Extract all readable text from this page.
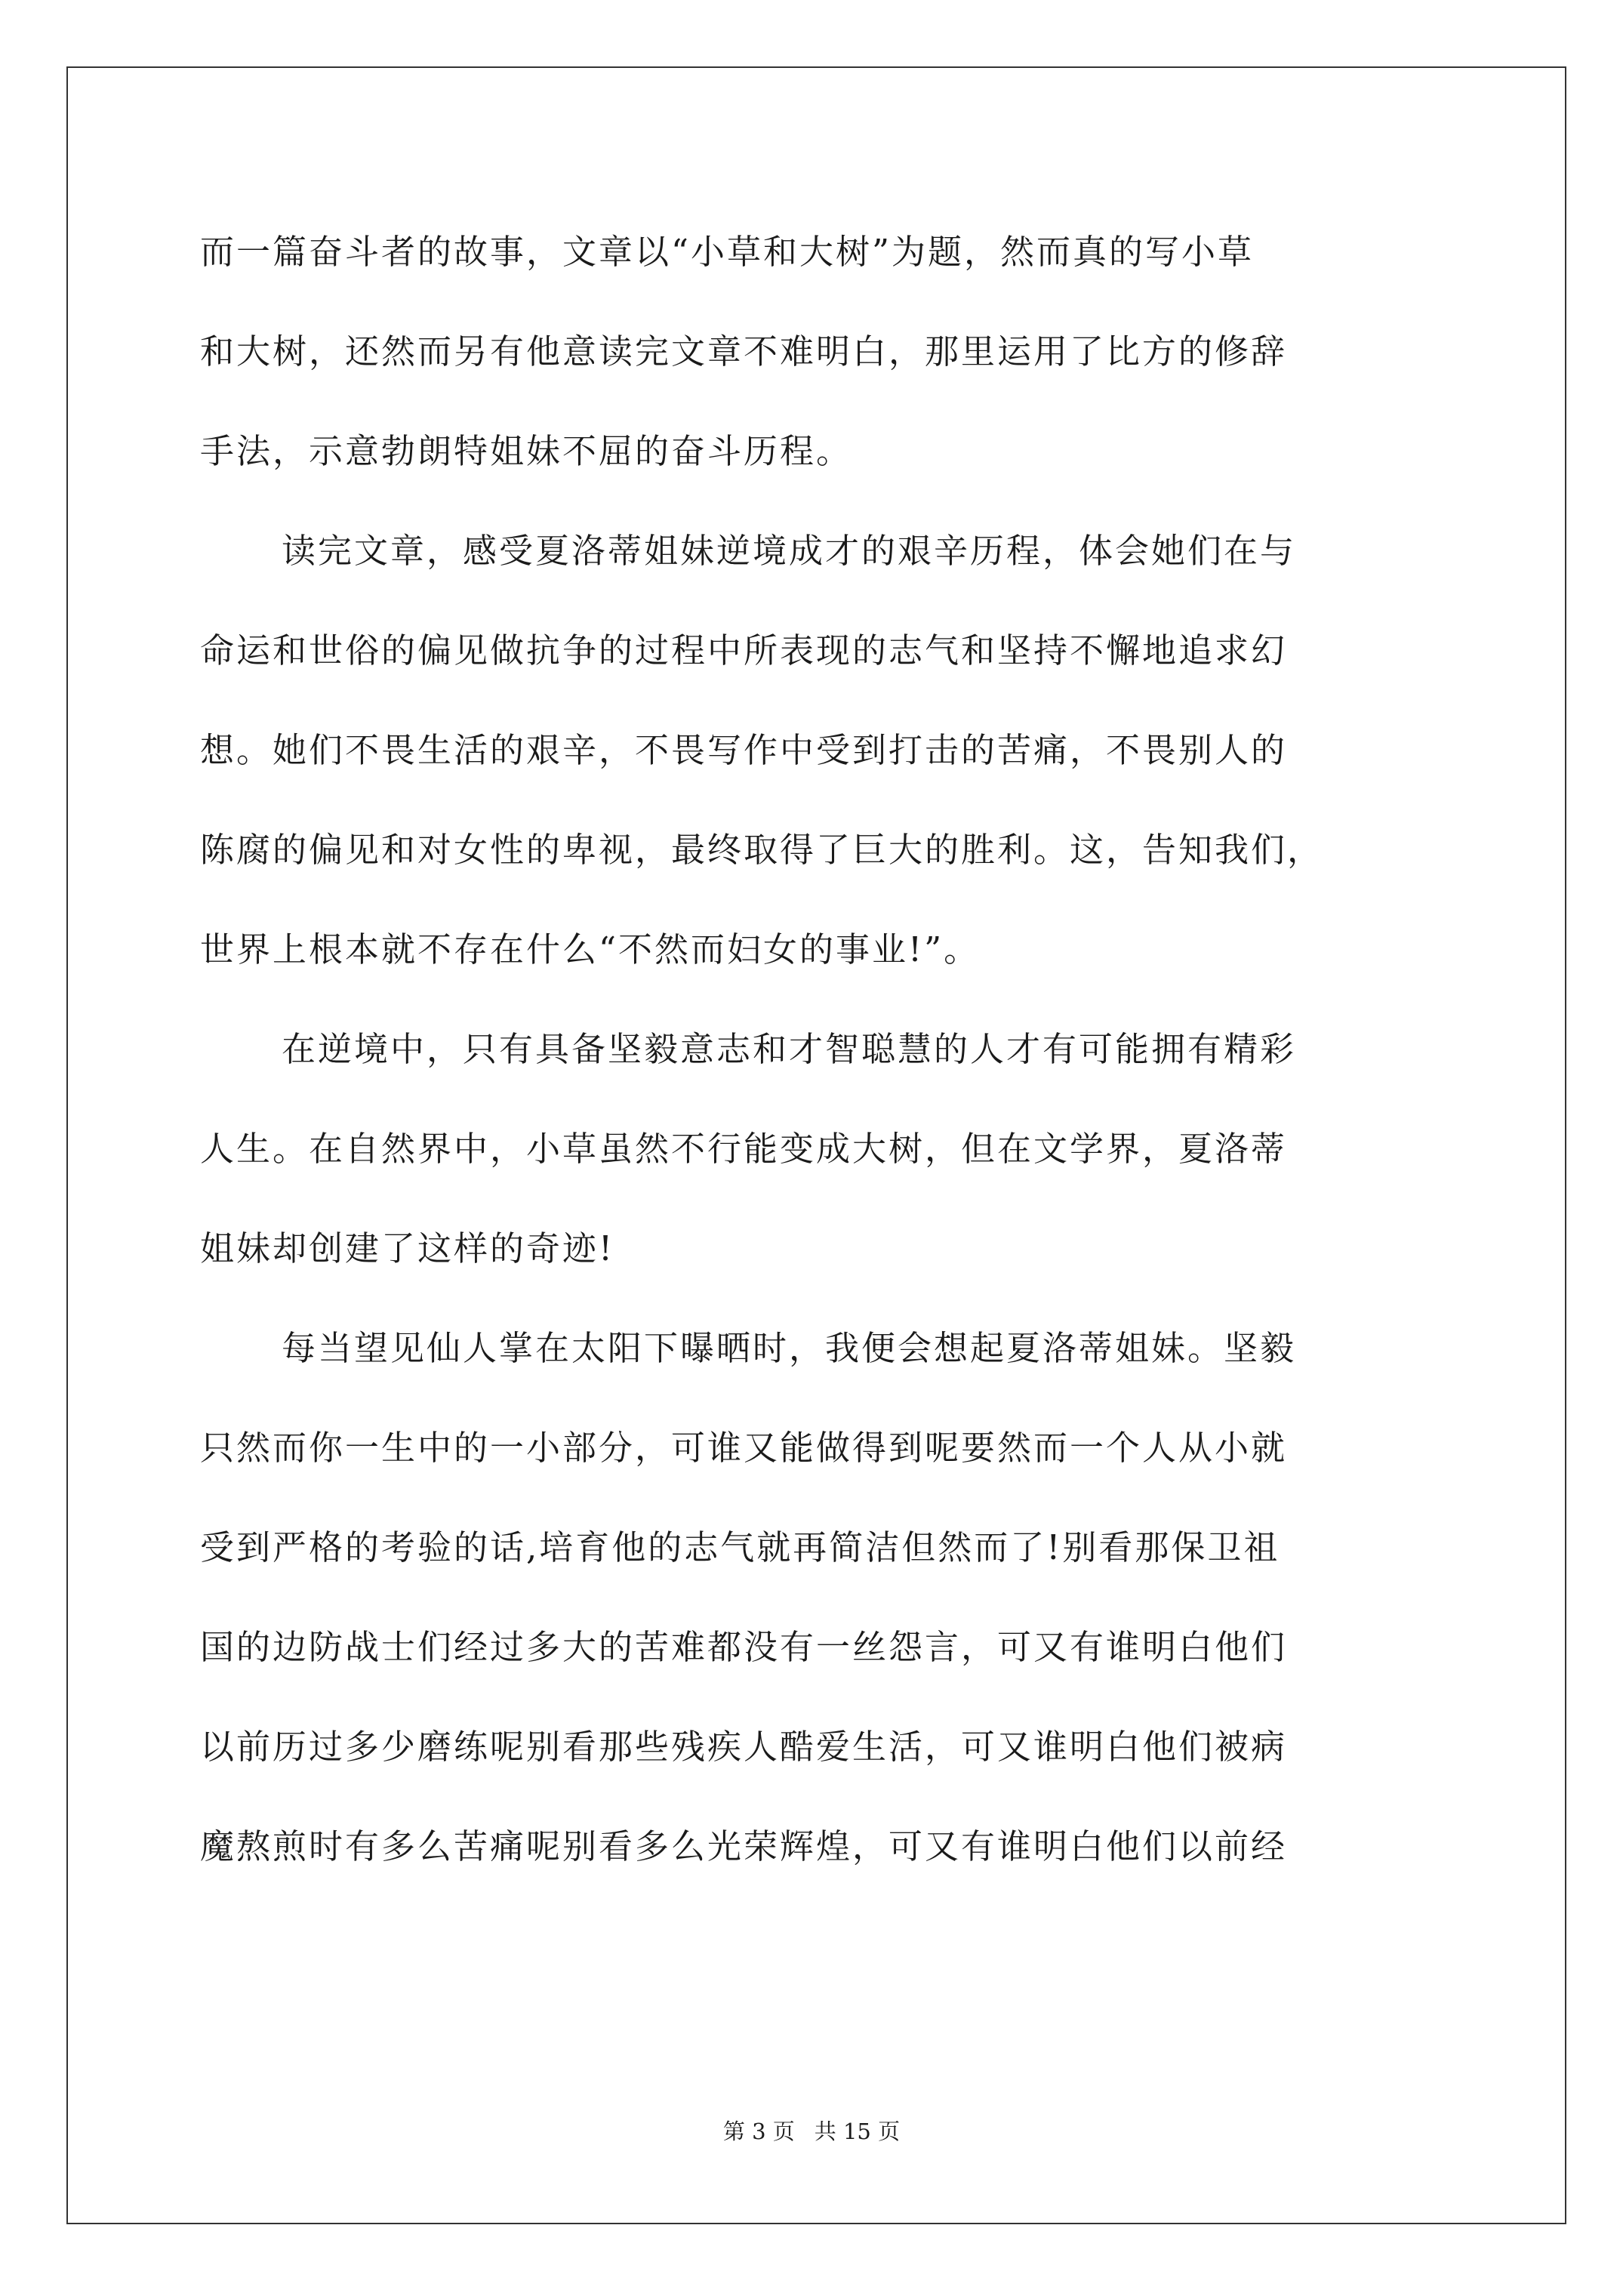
而一篇奋斗者的故事，文章以“小草和大树”为题，然而真的写小草
和大树，还然而另有他意读完文章不难明白，那里运用了比方的修辞
手法，示意勃朗特姐妹不屈的奋斗历程。
读完文章，感受夏洛蒂姐妹逆境成才的艰辛历程，体会她们在与
命运和世俗的偏见做抗争的过程中所表现的志气和坚持不懈地追求幻
想。她们不畏生活的艰辛，不畏写作中受到打击的苦痛，不畏别人的
陈腐的偏见和对女性的卑视，最终取得了巨大的胜利。这，告知我们，
世界上根本就不存在什么“不然而妇女的事业!”。
在逆境中，只有具备坚毅意志和才智聪慧的人才有可能拥有精彩
人生。在自然界中，小草虽然不行能变成大树，但在文学界，夏洛蒂
姐妹却创建了这样的奇迹!
每当望见仙人掌在太阳下曝晒时，我便会想起夏洛蒂姐妹。坚毅
只然而你一生中的一小部分，可谁又能做得到呢要然而一个人从小就
受到严格的考验的话,培育他的志气就再简洁但然而了!别看那保卫祖
国的边防战士们经过多大的苦难都没有一丝怨言，可又有谁明白他们
以前历过多少磨练呢别看那些残疾人酷爱生活，可又谁明白他们被病
魔熬煎时有多么苦痛呢别看多么光荣辉煌，可又有谁明白他们以前经
第 3 页 共 15 页
